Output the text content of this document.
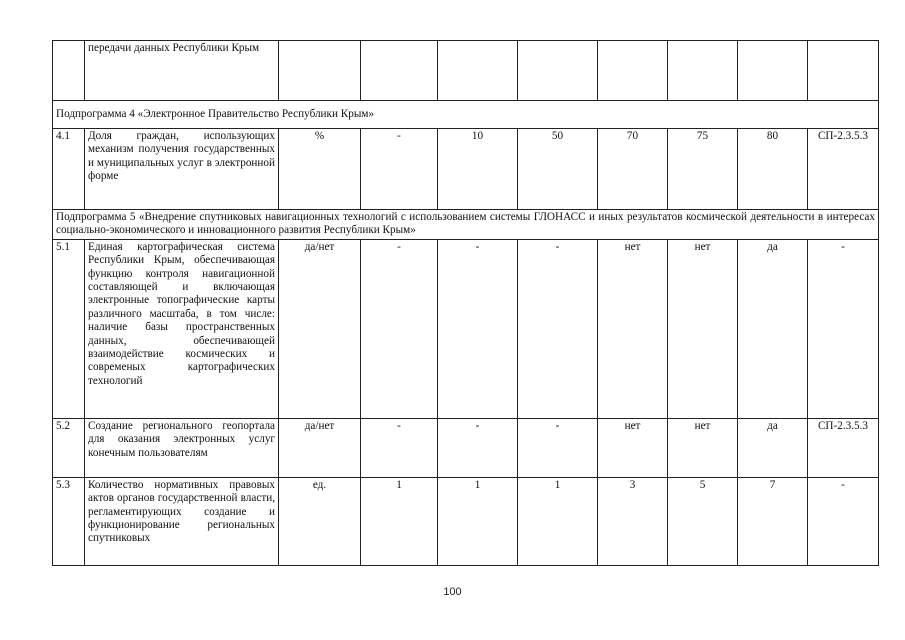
	передачи данных Республики Крым								
Подпрограмма 4 «Электронное Правительство Республики Крым»									
4.1	Доля граждан, использующих механизм получения государственных и муниципальных услуг в электронной форме	%	-	10	50	70	75	80	СП-2.3.5.3
Подпрограмма 5 «Внедрение спутниковых навигационных технологий с использованием системы ГЛОНАСС и иных результатов космической деятельности в интересах социально-экономического и инновационного развития Республики Крым»									
5.1	Единая картографическая система Республики Крым, обеспечивающая функцию контроля навигационной составляющей и включающая электронные топографические карты различного масштаба, в том числе: наличие базы пространственных данных, обеспечивающей взаимодействие космических и современых картографических технологий	да/нет	-	-	-	нет	нет	да	-
5.2	Создание регионального геопортала для оказания электронных услуг конечным пользователям	да/нет	-	-	-	нет	нет	да	СП-2.3.5.3
5.3	Количество нормативных правовых актов органов государственной власти, регламентирующих создание и функционирование региональных спутниковых	ед.	1	1	1	3	5	7	-
100
